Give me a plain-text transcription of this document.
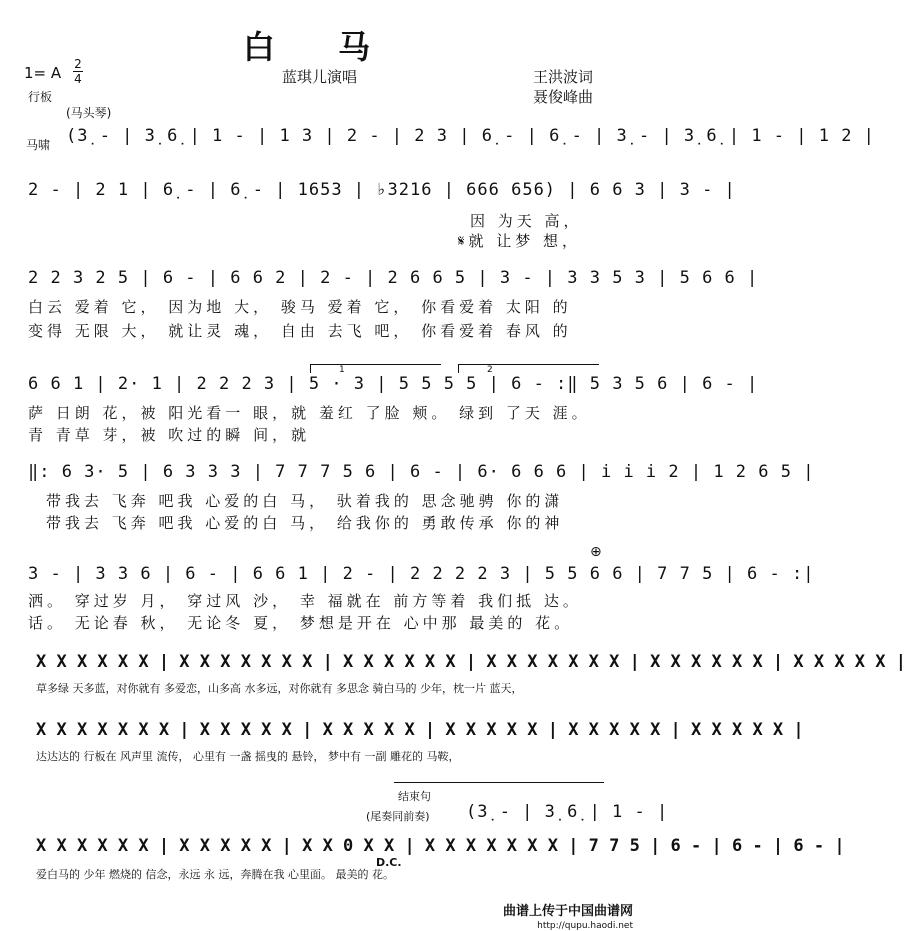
白 马
1= A 2
4	蓝琪儿演唱	王洪波词
聂俊峰曲
行板
(马头琴)
马啸 (3̣ - | 3̣ 6̣ | 1 - | 1 3 | 2 - | 2 3 | 6̣ - | 6̣ - | 3̣ - | 3̣ 6̣ | 1 - | 1 2 |
2 - | 2 1 | 6̣ - | 6̣ - | 1653 | ♭3216 | 666 656) | 6 6 3 | 3 - |
因 为天 高，
𝄋就 让梦 想，
2 2 3 2 5 | 6 - | 6 6 2 | 2 - | 2 6 6 5 | 3 - | 3 3 5 3 | 5 6 6 |
白云 爱着 它， 因为地 大， 骏马 爱着 它， 你看爱着 太阳 的
变得 无限 大， 就让灵 魂， 自由 去飞 吧， 你看爱着 春风 的
1	2
6 6 1 | 2· 1 | 2 2 2 3 | 5 · 3 | 5 5 5 5 | 6 - :‖ 5 3 5 6 | 6 - |
萨 日朗 花，被 阳光看一 眼，就 羞红 了脸 颊。 绿到 了天 涯。
青 青草 芽，被 吹过的瞬 间，就
‖: 6 3· 5 | 6 3 3 3 | 7 7 7 5 6 | 6 - | 6· 6 6 6 | i i i 2 | 1 2 6 5 |
带我去 飞奔 吧我 心爱的白 马， 驮着我的 思念驰骋 你的潇
带我去 飞奔 吧我 心爱的白 马， 给我你的 勇敢传承 你的神
⊕
3 - | 3 3 6 | 6 - | 6 6 1 | 2 - | 2 2 2 2 3 | 5 5 6 6 | 7 7 5 | 6 - :|
洒。 穿过岁 月， 穿过风 沙， 幸 福就在 前方等着 我们抵 达。
话。 无论春 秋， 无论冬 夏， 梦想是开在 心中那 最美的 花。
X X X X X X | X X X X X X X | X X X X X X | X X X X X X X | X X X X X X | X X X X X |
草多绿 天多蓝，对你就有 多爱恋，山多高 水多远，对你就有 多思念 骑白马的 少年，枕一片 蓝天，
X X X X X X X | X X X X X | X X X X X | X X X X X | X X X X X | X X X X X |
达达达的 行板在 风声里 流传， 心里有 一盏 摇曳的 悬铃， 梦中有 一副 雕花的 马鞍，
结束句
(尾奏同前奏) (3̣ - | 3̣ 6̣ | 1 - |
X X X X X X | X X X X X | X X 0 X X | X X X X X X X | 7 7 5 | 6 - | 6 - | 6 - |
D.C.
爱白马的 少年 燃烧的 信念，永远 永 远，奔腾在我 心里面。 最美的 花。
曲谱上传于中国曲谱网
http://qupu.haodi.net
